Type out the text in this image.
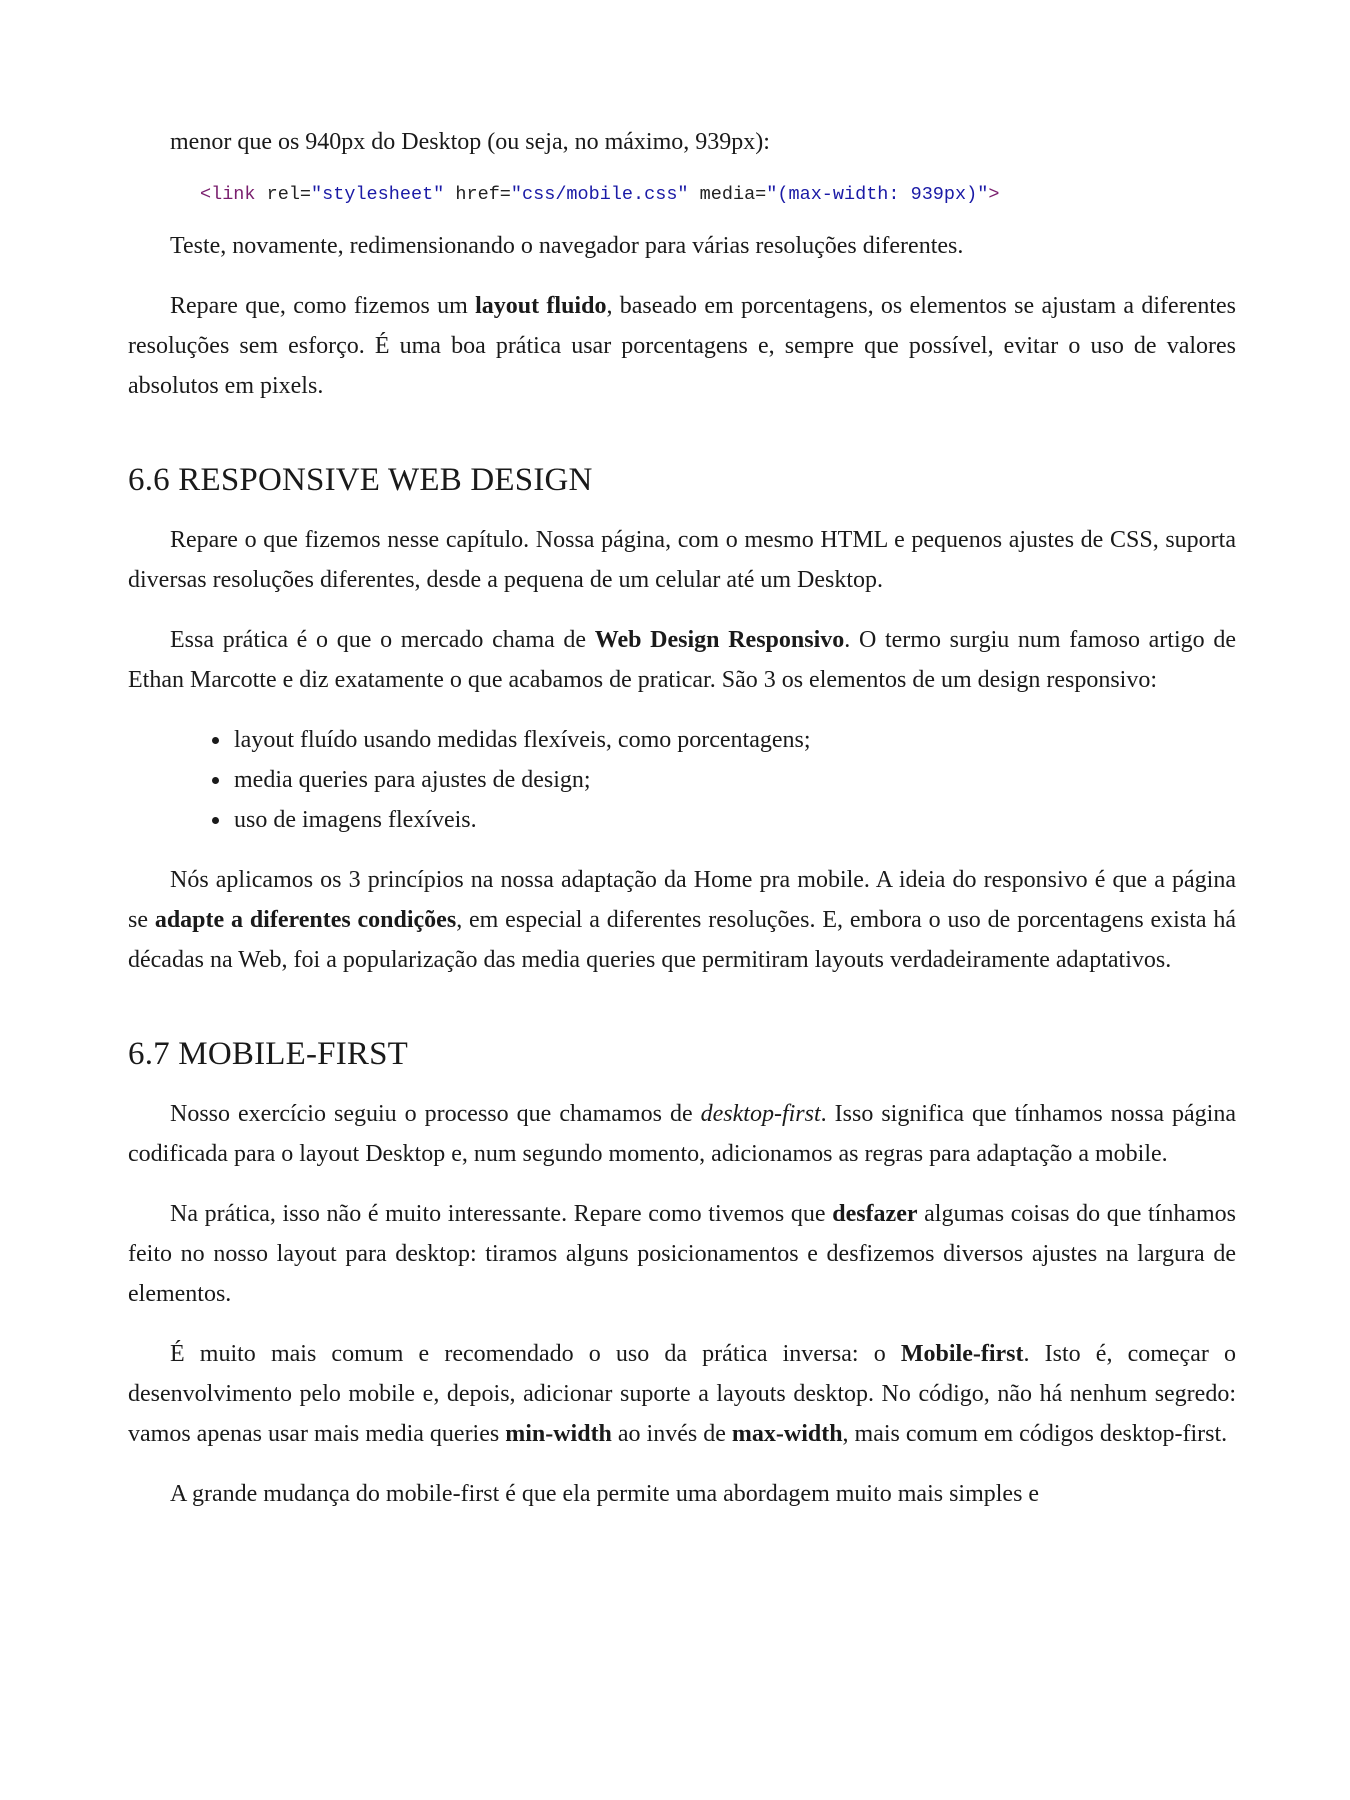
menor que os 940px do Desktop (ou seja, no máximo, 939px):

<link rel="stylesheet" href="css/mobile.css" media="(max-width: 939px)">

Teste, novamente, redimensionando o navegador para várias resoluções diferentes.

Repare que, como fizemos um layout fluido, baseado em porcentagens, os elementos se ajustam a diferentes resoluções sem esforço. É uma boa prática usar porcentagens e, sempre que possível, evitar o uso de valores absolutos em pixels.

6.6 RESPONSIVE WEB DESIGN

Repare o que fizemos nesse capítulo. Nossa página, com o mesmo HTML e pequenos ajustes de CSS, suporta diversas resoluções diferentes, desde a pequena de um celular até um Desktop.

Essa prática é o que o mercado chama de Web Design Responsivo. O termo surgiu num famoso artigo de Ethan Marcotte e diz exatamente o que acabamos de praticar. São 3 os elementos de um design responsivo:

layout fluído usando medidas flexíveis, como porcentagens;
media queries para ajustes de design;
uso de imagens flexíveis.

Nós aplicamos os 3 princípios na nossa adaptação da Home pra mobile. A ideia do responsivo é que a página se adapte a diferentes condições, em especial a diferentes resoluções. E, embora o uso de porcentagens exista há décadas na Web, foi a popularização das media queries que permitiram layouts verdadeiramente adaptativos.

6.7 MOBILE-FIRST

Nosso exercício seguiu o processo que chamamos de desktop-first. Isso significa que tínhamos nossa página codificada para o layout Desktop e, num segundo momento, adicionamos as regras para adaptação a mobile.

Na prática, isso não é muito interessante. Repare como tivemos que desfazer algumas coisas do que tínhamos feito no nosso layout para desktop: tiramos alguns posicionamentos e desfizemos diversos ajustes na largura de elementos.

É muito mais comum e recomendado o uso da prática inversa: o Mobile-first. Isto é, começar o desenvolvimento pelo mobile e, depois, adicionar suporte a layouts desktop. No código, não há nenhum segredo: vamos apenas usar mais media queries min-width ao invés de max-width, mais comum em códigos desktop-first.

A grande mudança do mobile-first é que ela permite uma abordagem muito mais simples e
